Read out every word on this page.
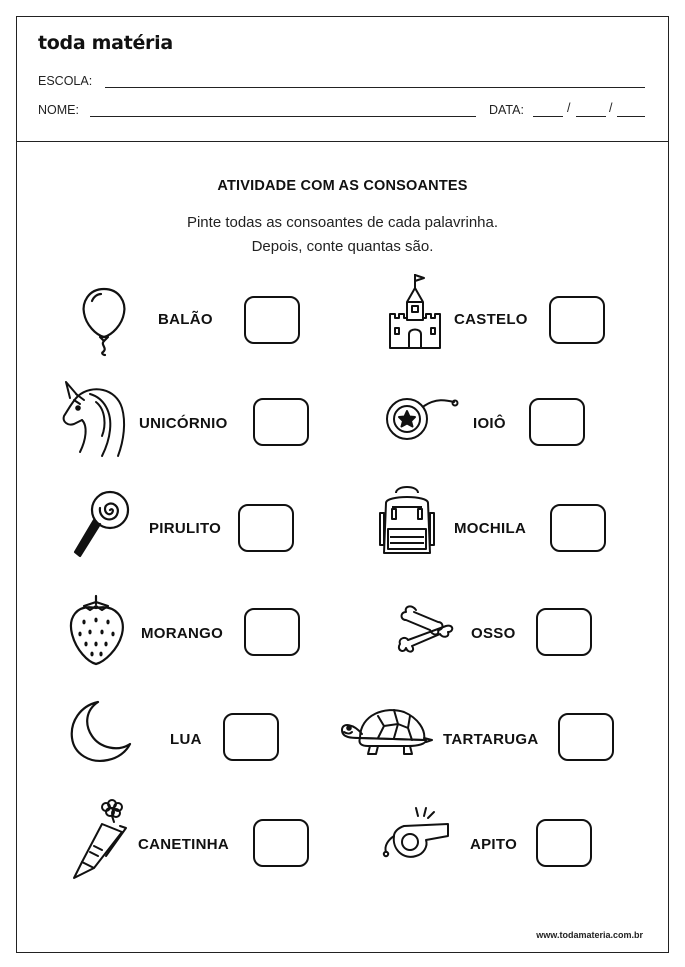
toda matéria
ESCOLA:
NOME:	DATA:	/	/
ATIVIDADE COM AS CONSOANTES
Pinte todas as consoantes de cada palavrinha.
Depois, conte quantas são.
BALÃO	CASTELO
UNICÓRNIO	IOIÔ
PIRULITO	MOCHILA
MORANGO	OSSO
LUA	TARTARUGA
CANETINHA	APITO
www.todamateria.com.br
